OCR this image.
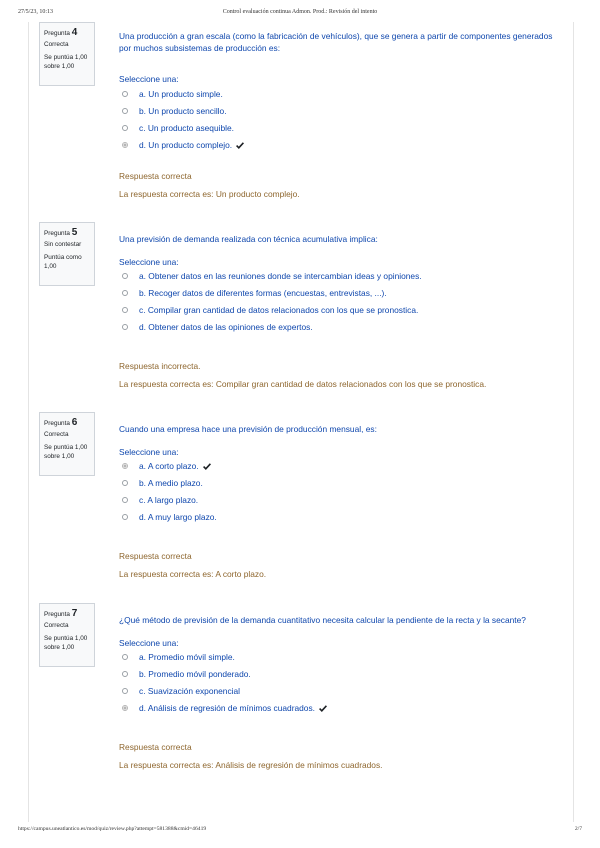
27/5/23, 10:13	Control evaluación continua Admon. Prod.: Revisión del intento
Pregunta 4
Correcta
Se puntúa 1,00
sobre 1,00

Una producción a gran escala (como la fabricación de vehículos), que se genera a partir de componentes generados por muchos subsistemas de producción es:

Seleccione una:
a. Un producto simple.
b. Un producto sencillo.
c. Un producto asequible.
d. Un producto complejo.
Respuesta correcta
La respuesta correcta es: Un producto complejo.
Pregunta 5
Sin contestar
Puntúa como
1,00

Una previsión de demanda realizada con técnica acumulativa implica:

Seleccione una:
a. Obtener datos en las reuniones donde se intercambian ideas y opiniones.
b. Recoger datos de diferentes formas (encuestas, entrevistas, ...).
c. Compilar gran cantidad de datos relacionados con los que se pronostica.
d. Obtener datos de las opiniones de expertos.
Respuesta incorrecta.
La respuesta correcta es: Compilar gran cantidad de datos relacionados con los que se pronostica.
Pregunta 6
Correcta
Se puntúa 1,00
sobre 1,00

Cuando una empresa hace una previsión de producción mensual, es:

Seleccione una:
a. A corto plazo.
b. A medio plazo.
c. A largo plazo.
d. A muy largo plazo.
Respuesta correcta
La respuesta correcta es: A corto plazo.
Pregunta 7
Correcta
Se puntúa 1,00
sobre 1,00

¿Qué método de previsión de la demanda cuantitativo necesita calcular la pendiente de la recta y la secante?

Seleccione una:
a. Promedio móvil simple.
b. Promedio móvil ponderado.
c. Suavización exponencial
d. Análisis de regresión de mínimos cuadrados.
Respuesta correcta
La respuesta correcta es: Análisis de regresión de mínimos cuadrados.
https://campus.uneatlantico.es/mod/quiz/review.php?attempt=581388&cmid=46419	2/7
